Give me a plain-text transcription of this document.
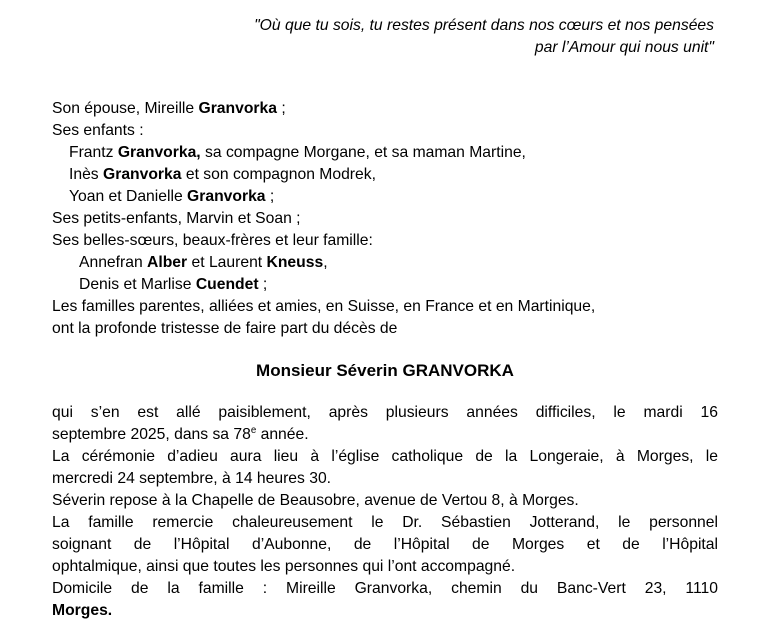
"Où que tu sois, tu restes présent dans nos cœurs et nos pensées
par l’Amour qui nous unit"
Son épouse, Mireille Granvorka ;
Ses enfants :
Frantz Granvorka, sa compagne Morgane, et sa maman Martine,
Inès Granvorka et son compagnon Modrek,
Yoan et Danielle Granvorka ;
Ses petits-enfants, Marvin et Soan ;
Ses belles-sœurs, beaux-frères et leur famille:
Annefran Alber et Laurent Kneuss,
Denis et Marlise Cuendet ;
Les familles parentes, alliées et amies, en Suisse, en France et en Martinique,
ont la profonde tristesse de faire part du décès de
Monsieur Séverin GRANVORKA
qui s’en est allé paisiblement, après plusieurs années difficiles, le mardi 16
septembre 2025, dans sa 78e année.
La cérémonie d’adieu aura lieu à l’église catholique de la Longeraie, à Morges, le
mercredi 24 septembre, à 14 heures 30.
Séverin repose à la Chapelle de Beausobre, avenue de Vertou 8, à Morges.
La famille remercie chaleureusement le Dr. Sébastien Jotterand, le personnel
soignant de l’Hôpital d’Aubonne, de l’Hôpital de Morges et de l’Hôpital
ophtalmique, ainsi que toutes les personnes qui l’ont accompagné.
Domicile de la famille : Mireille Granvorka, chemin du Banc-Vert 23, 1110
Morges.
